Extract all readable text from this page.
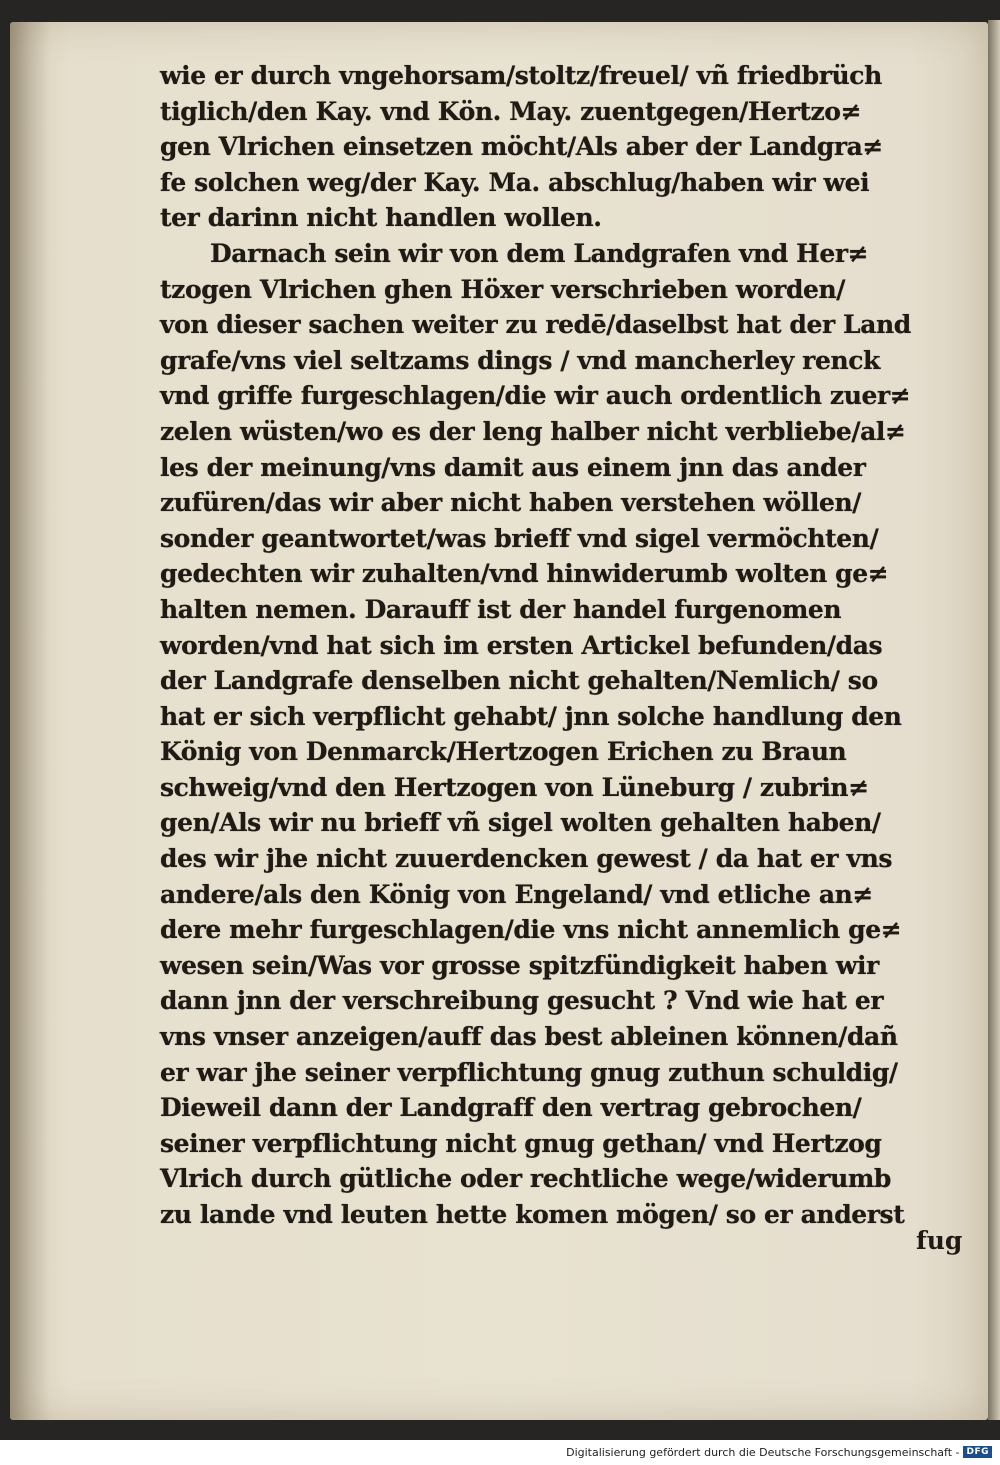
wie er durch vngehorsam/stoltz/freuel/ vñ friedbrüch
tiglich/den Kay. vnd Kön. May. zuentgegen/Hertzo≠
gen Vlrichen einsetzen möcht/Als aber der Landgra≠
fe solchen weg/der Kay. Ma. abschlug/haben wir wei
ter darinn nicht handlen wollen.
Darnach sein wir von dem Landgrafen vnd Her≠
tzogen Vlrichen ghen Höxer verschrieben worden/
von dieser sachen weiter zu redē/daselbst hat der Land
grafe/vns viel seltzams dings / vnd mancherley renck
vnd griffe furgeschlagen/die wir auch ordentlich zuer≠
zelen wüsten/wo es der leng halber nicht verbliebe/al≠
les der meinung/vns damit aus einem jnn das ander
zufüren/das wir aber nicht haben verstehen wöllen/
sonder geantwortet/was brieff vnd sigel vermöchten/
gedechten wir zuhalten/vnd hinwiderumb wolten ge≠
halten nemen. Darauff ist der handel furgenomen
worden/vnd hat sich im ersten Artickel befunden/das
der Landgrafe denselben nicht gehalten/Nemlich/ so
hat er sich verpflicht gehabt/ jnn solche handlung den
König von Denmarck/Hertzogen Erichen zu Braun
schweig/vnd den Hertzogen von Lüneburg / zubrin≠
gen/Als wir nu brieff vñ sigel wolten gehalten haben/
des wir jhe nicht zuuerdencken gewest / da hat er vns
andere/als den König von Engeland/ vnd etliche an≠
dere mehr furgeschlagen/die vns nicht annemlich ge≠
wesen sein/Was vor grosse spitzfündigkeit haben wir
dann jnn der verschreibung gesucht ? Vnd wie hat er
vns vnser anzeigen/auff das best ableinen können/dañ
er war jhe seiner verpflichtung gnug zuthun schuldig/
Dieweil dann der Landgraff den vertrag gebrochen/
seiner verpflichtung nicht gnug gethan/ vnd Hertzog
Vlrich durch gütliche oder rechtliche wege/widerumb
zu lande vnd leuten hette komen mögen/ so er anderst
fug
Digitalisierung gefördert durch die Deutsche Forschungsgemeinschaft - DFG
